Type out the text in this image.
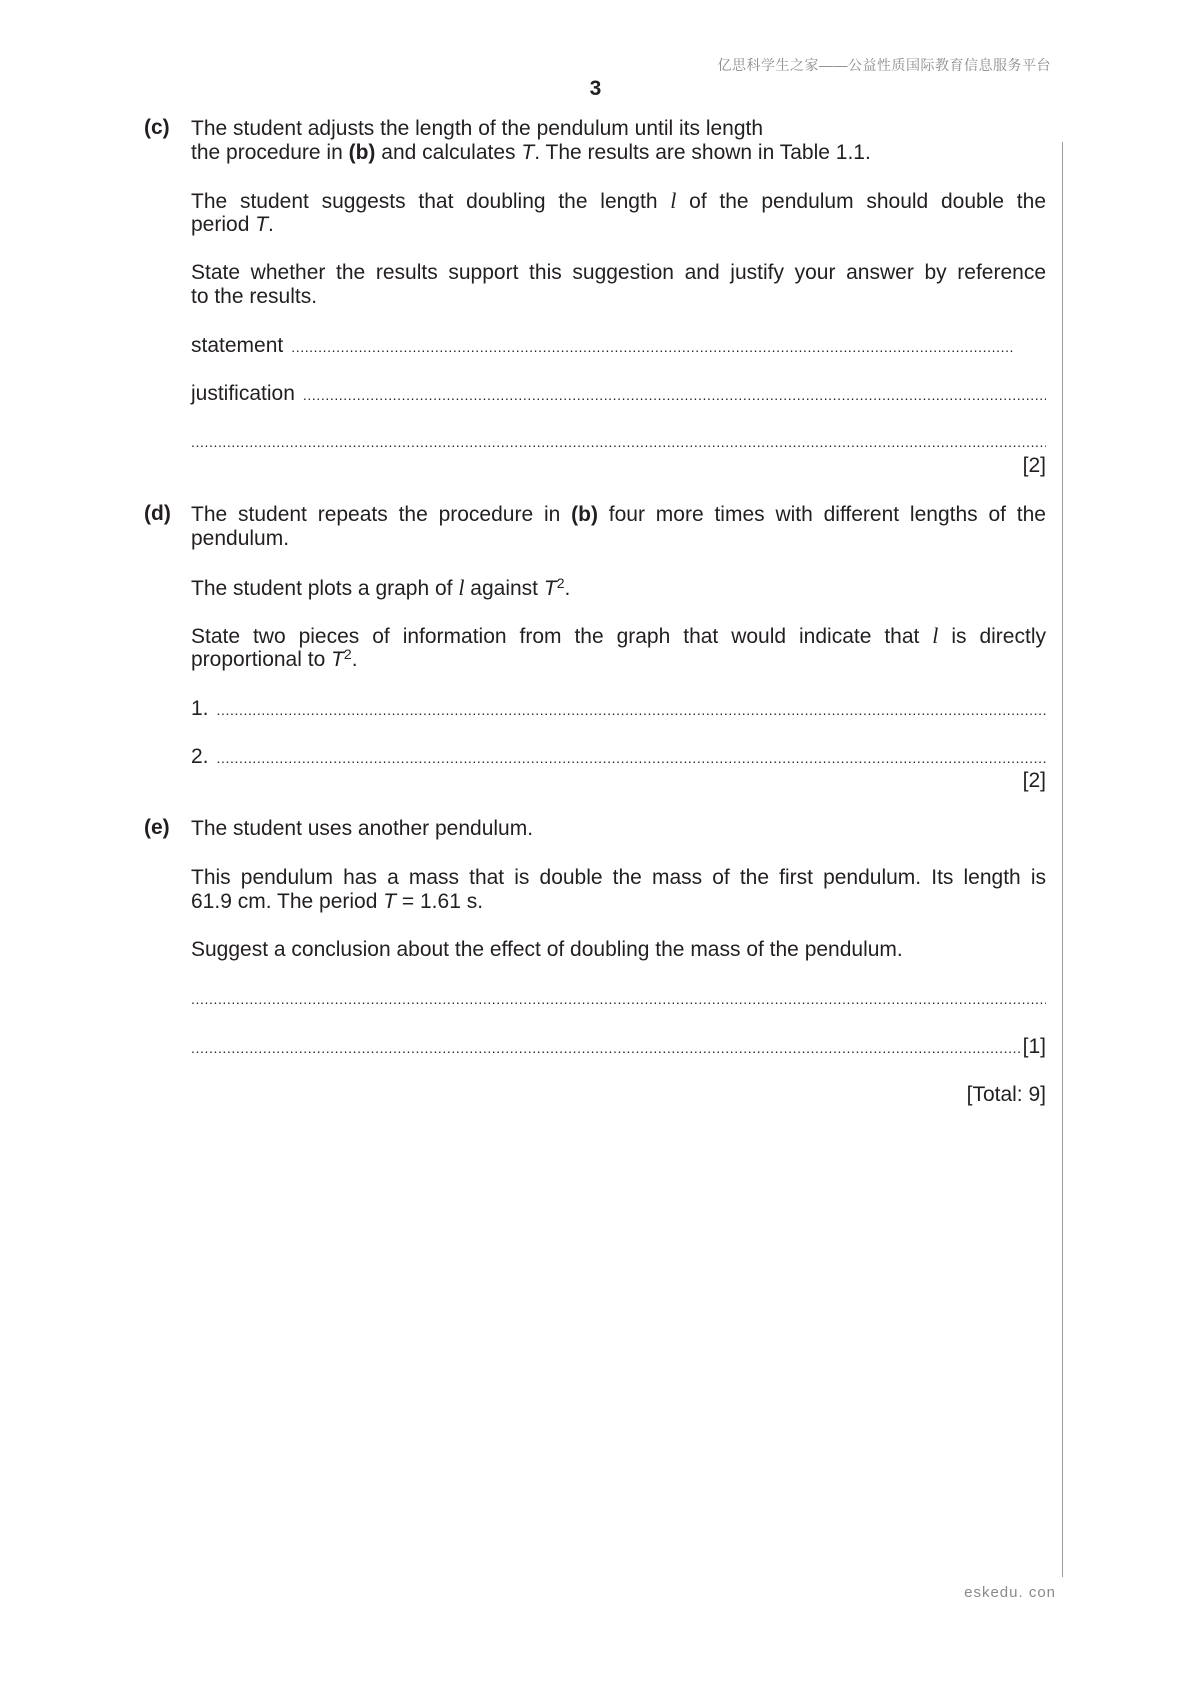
亿思科学生之家——公益性质国际教育信息服务平台
3
(c) The student adjusts the length of the pendulum until its length
the procedure in (b) and calculates T. The results are shown in Table 1.1.
The student suggests that doubling the length l of the pendulum should double the
period T.
State whether the results support this suggestion and justify your answer by reference
to the results.
statement
.....
justification
.....
.....
[2]
(d) The student repeats the procedure in (b) four more times with different lengths of the
pendulum.
The student plots a graph of l against $T^2$.
State two pieces of information from the graph that would indicate that l is directly
proportional to $T^2$.
1.
.....
2.
.....
[2]
(e) The student uses another pendulum.
This pendulum has a mass that is double the mass of the first pendulum. Its length is
61.9 cm. The period T = 1.61 s.
Suggest a conclusion about the effect of doubling the mass of the pendulum.
.....
.....
[1]
[Total: 9]
eskedu. con
